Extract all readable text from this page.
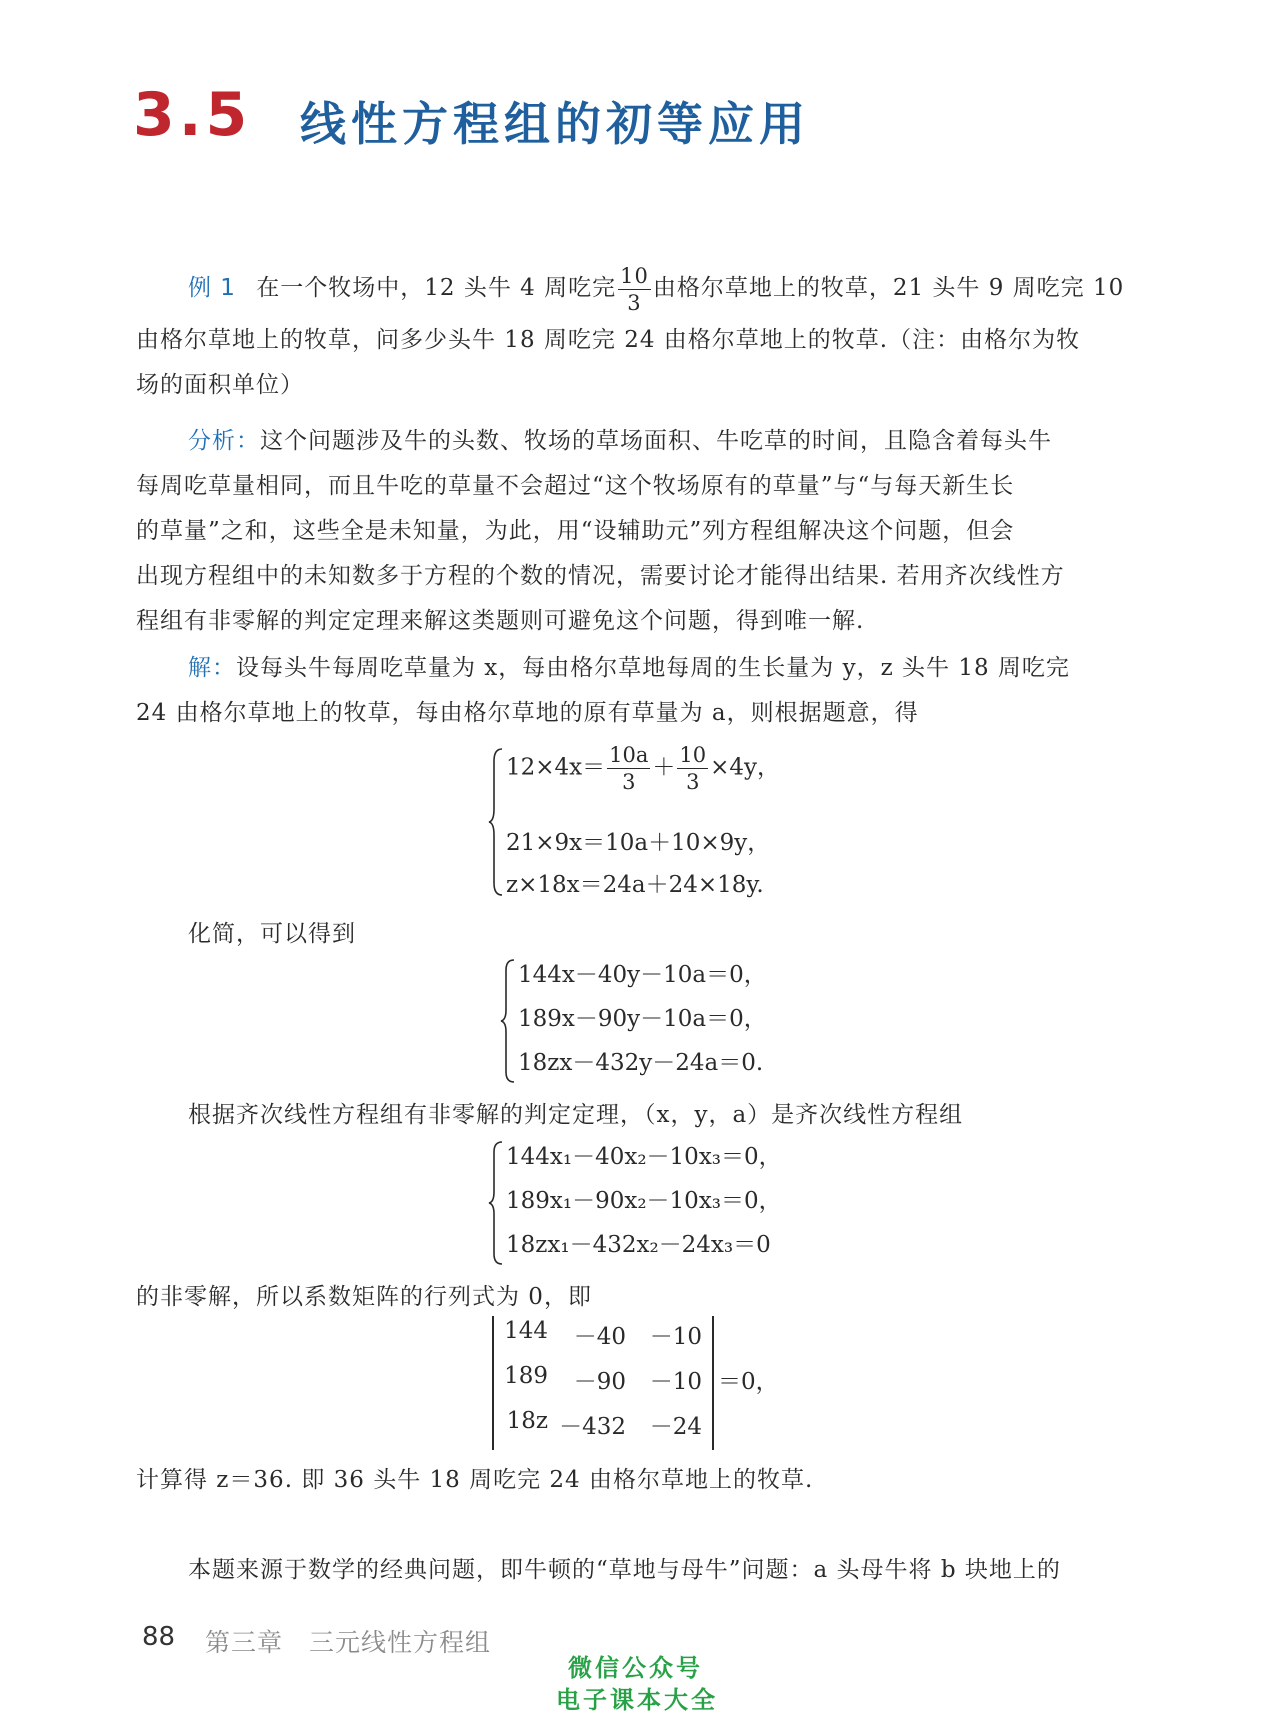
3.5 线性方程组的初等应用
例 1 在一个牧场中，12 头牛 4 周吃完 $\frac{10}{3}$ 由格尔草地上的牧草，21 头牛 9 周吃完 10
由格尔草地上的牧草，问多少头牛 18 周吃完 24 由格尔草地上的牧草.（注：由格尔为牧
场的面积单位）
分析：这个问题涉及牛的头数、牧场的草场面积、牛吃草的时间，且隐含着每头牛
每周吃草量相同，而且牛吃的草量不会超过“这个牧场原有的草量”与“与每天新生长
的草量”之和，这些全是未知量，为此，用“设辅助元”列方程组解决这个问题，但会
出现方程组中的未知数多于方程的个数的情况，需要讨论才能得出结果. 若用齐次线性方
程组有非零解的判定定理来解这类题则可避免这个问题，得到唯一解.
解：设每头牛每周吃草量为 x，每由格尔草地每周的生长量为 y，z 头牛 18 周吃完
24 由格尔草地上的牧草，每由格尔草地的原有草量为 a，则根据题意，得
$12\times 4x= \frac{10a}{3} + \frac{10}{3} \times 4y$，
21×9x＝10a＋10×9y，
z×18x＝24a＋24×18y.
化简，可以得到
144x－40y－10a＝0，
189x－90y－10a＝0，
18zx－432y－24a＝0.
根据齐次线性方程组有非零解的判定定理，（x，y，a）是齐次线性方程组
144x₁－40x₂－10x₃＝0，
189x₁－90x₂－10x₃＝0，
18zx₁－432x₂－24x₃＝0
的非零解，所以系数矩阵的行列式为 0，即
144	－40	－10
189	－90	－10
18z －432	－24
＝0，
计算得 z＝36. 即 36 头牛 18 周吃完 24 由格尔草地上的牧草.
本题来源于数学的经典问题，即牛顿的“草地与母牛”问题：a 头母牛将 b 块地上的
88 第三章　三元线性方程组
微信公众号
电子课本大全
